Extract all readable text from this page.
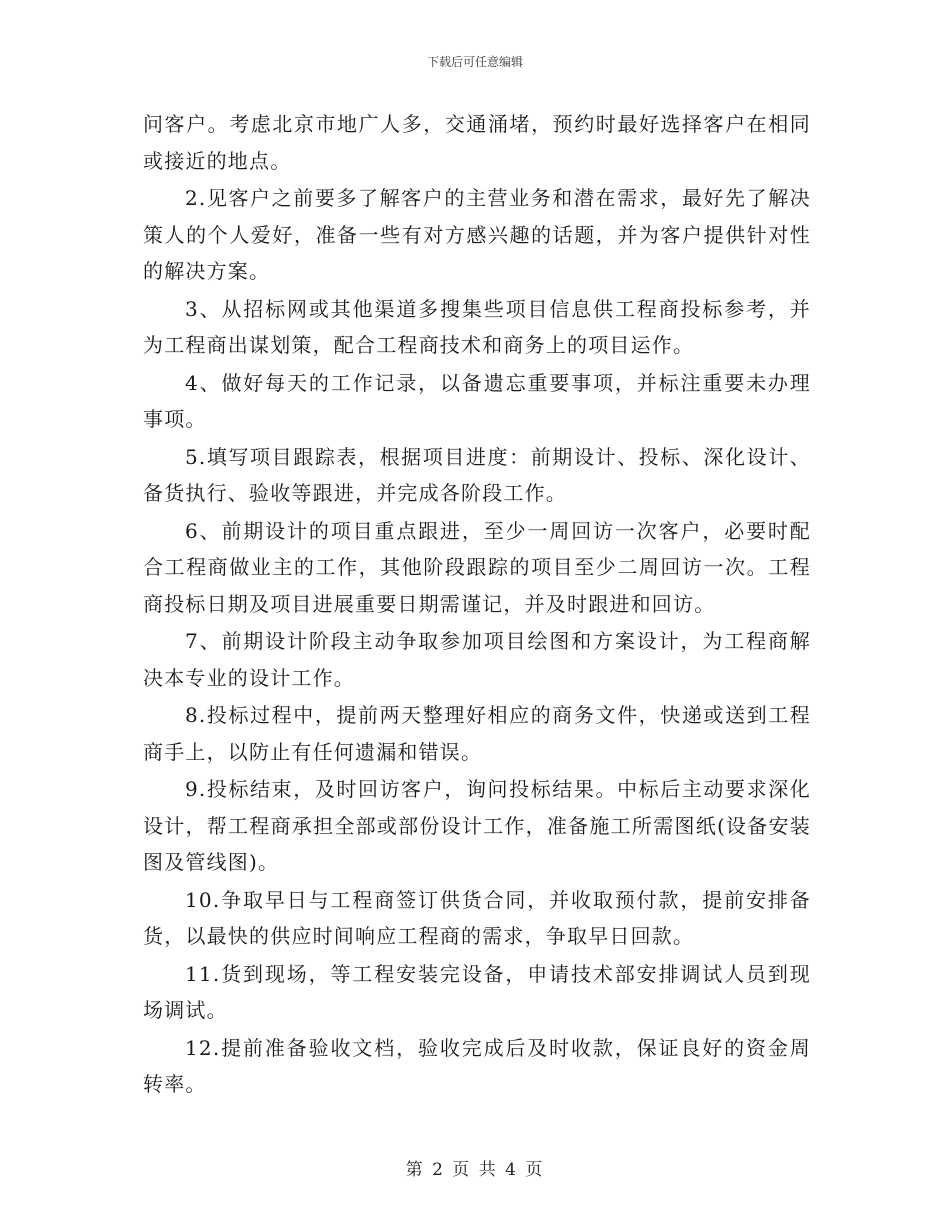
下载后可任意编辑

问客户。考虑北京市地广人多，交通涌堵，预约时最好选择客户在相同或接近的地点。

2.见客户之前要多了解客户的主营业务和潜在需求，最好先了解决策人的个人爱好，准备一些有对方感兴趣的话题，并为客户提供针对性的解决方案。

3、从招标网或其他渠道多搜集些项目信息供工程商投标参考，并为工程商出谋划策，配合工程商技术和商务上的项目运作。

4、做好每天的工作记录，以备遗忘重要事项，并标注重要未办理事项。

5.填写项目跟踪表，根据项目进度：前期设计、投标、深化设计、备货执行、验收等跟进，并完成各阶段工作。

6、前期设计的项目重点跟进，至少一周回访一次客户，必要时配合工程商做业主的工作，其他阶段跟踪的项目至少二周回访一次。工程商投标日期及项目进展重要日期需谨记，并及时跟进和回访。

7、前期设计阶段主动争取参加项目绘图和方案设计，为工程商解决本专业的设计工作。

8.投标过程中，提前两天整理好相应的商务文件，快递或送到工程商手上，以防止有任何遗漏和错误。

9.投标结束，及时回访客户，询问投标结果。中标后主动要求深化设计，帮工程商承担全部或部份设计工作，准备施工所需图纸(设备安装图及管线图)。

10.争取早日与工程商签订供货合同，并收取预付款，提前安排备货，以最快的供应时间响应工程商的需求，争取早日回款。

11.货到现场，等工程安装完设备，申请技术部安排调试人员到现场调试。

12.提前准备验收文档，验收完成后及时收款，保证良好的资金周转率。

第 2 页 共 4 页
